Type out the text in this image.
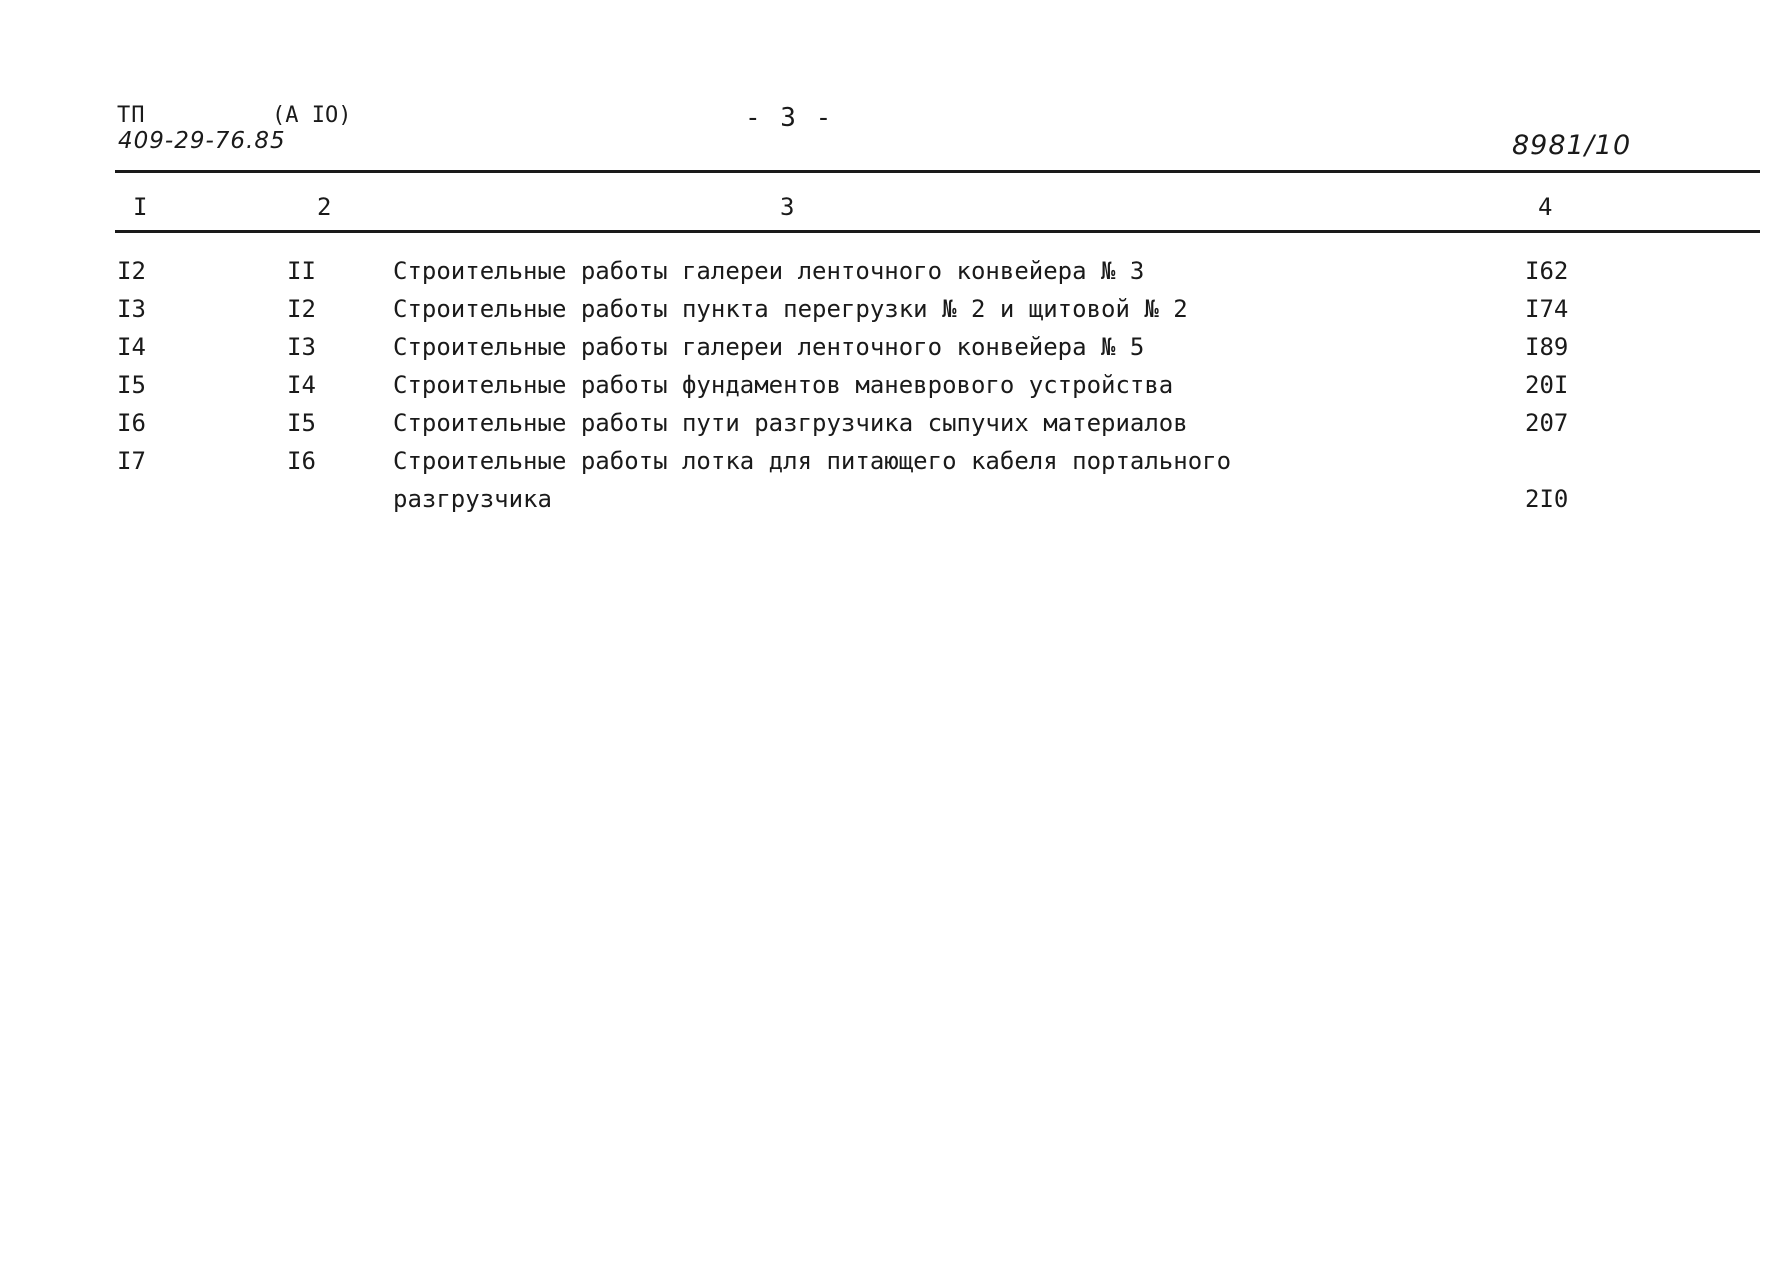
ТП	(А IО)
409-29-76.85
- 3 -
8981/10
I	2	3	4
I2	II	Строительные работы галереи ленточного конвейера № 3	I62
I3	I2	Строительные работы пункта перегрузки № 2 и щитовой № 2	I74
I4	I3	Строительные работы галереи ленточного конвейера № 5	I89
I5	I4	Строительные работы фундаментов маневрового устройства	20I
I6	I5	Строительные работы пути разгрузчика сыпучих материалов	207
I7	I6	Строительные работы лотка для питающего кабеля портального
разгрузчика	2I0
